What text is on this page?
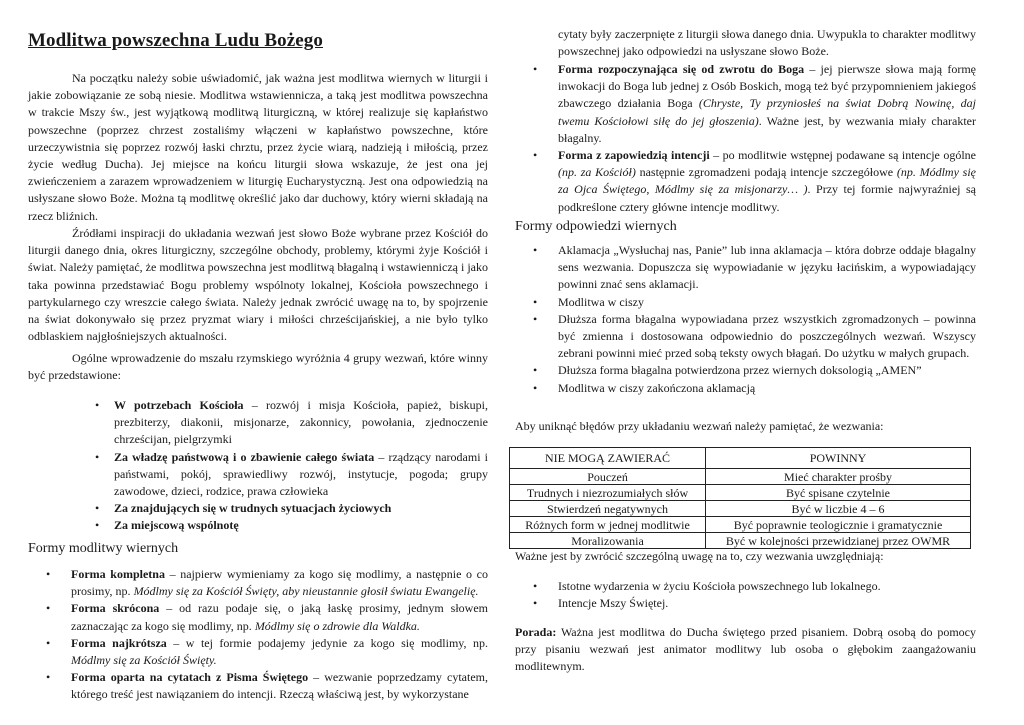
Modlitwa powszechna Ludu Bożego

Na początku należy sobie uświadomić, jak ważna jest modlitwa wiernych w liturgii i jakie zobowiązanie ze sobą niesie. Modlitwa wstawiennicza, a taką jest modlitwa powszechna w trakcie Mszy św., jest wyjątkową modlitwą liturgiczną, w której realizuje się kapłaństwo powszechne (poprzez chrzest zostaliśmy włączeni w kapłaństwo powszechne, które urzeczywistnia się poprzez rozwój łaski chrztu, przez życie wiarą, nadzieją i miłością, przez życie według Ducha). Jej miejsce na końcu liturgii słowa wskazuje, że jest ona jej zwieńczeniem a zarazem wprowadzeniem w liturgię Eucharystyczną. Jest ona odpowiedzią na usłyszane słowo Boże. Można tą modlitwę określić jako dar duchowy, który wierni składają na rzecz bliźnich.

Źródłami inspiracji do układania wezwań jest słowo Boże wybrane przez Kościół do liturgii danego dnia, okres liturgiczny, szczególne obchody, problemy, którymi żyje Kościół i świat. Należy pamiętać, że modlitwa powszechna jest modlitwą błagalną i wstawienniczą i jako taka powinna przedstawiać Bogu problemy wspólnoty lokalnej, Kościoła powszechnego i partykularnego czy wreszcie całego świata. Należy jednak zwrócić uwagę na to, by spojrzenie na świat dokonywało się przez pryzmat wiary i miłości chrześcijańskiej, a nie było tylko odblaskiem najgłośniejszych aktualności.

Ogólne wprowadzenie do mszału rzymskiego wyróżnia 4 grupy wezwań, które winny być przedstawione:

• W potrzebach Kościoła – rozwój i misja Kościoła, papież, biskupi, prezbiterzy, diakonii, misjonarze, zakonnicy, powołania, zjednoczenie chrześcijan, pielgrzymki
• Za władzę państwową i o zbawienie całego świata – rządzący narodami i państwami, pokój, sprawiedliwy rozwój, instytucje, pogoda; grupy zawodowe, dzieci, rodzice, prawa człowieka
• Za znajdujących się w trudnych sytuacjach życiowych
• Za miejscową wspólnotę
Formy modlitwy wiernych
• Forma kompletna – najpierw wymieniamy za kogo się modlimy, a następnie o co prosimy, np. Módlmy się za Kościół Święty, aby nieustannie głosił światu Ewangelię.
• Forma skrócona – od razu podaje się, o jaką łaskę prosimy, jednym słowem zaznaczając za kogo się modlimy, np. Módlmy się o zdrowie dla Waldka.
• Forma najkrótsza – w tej formie podajemy jedynie za kogo się modlimy, np. Módlmy się za Kościół Święty.
• Forma oparta na cytatach z Pisma Świętego – wezwanie poprzedzamy cytatem, którego treść jest nawiązaniem do intencji. Rzeczą właściwą jest, by wykorzystane

cytaty były zaczerpnięte z liturgii słowa danego dnia. Uwypukla to charakter modlitwy powszechnej jako odpowiedzi na usłyszane słowo Boże.

• Forma rozpoczynająca się od zwrotu do Boga – jej pierwsze słowa mają formę inwokacji do Boga lub jednej z Osób Boskich, mogą też być przypomnieniem jakiegoś zbawczego działania Boga (Chryste, Ty przyniosłeś na świat Dobrą Nowinę, daj twemu Kościołowi siłę do jej głoszenia). Ważne jest, by wezwania miały charakter błagalny.
• Forma z zapowiedzią intencji – po modlitwie wstępnej podawane są intencje ogólne (np. za Kościół) następnie zgromadzeni podają intencje szczegółowe (np. Módlmy się za Ojca Świętego, Módlmy się za misjonarzy… ). Przy tej formie najwyraźniej są podkreślone cztery główne intencje modlitwy.
Formy odpowiedzi wiernych
• Aklamacja „Wysłuchaj nas, Panie” lub inna aklamacja – która dobrze oddaje błagalny sens wezwania. Dopuszcza się wypowiadanie w języku łacińskim, a wypowiadający powinni znać sens aklamacji.
• Modlitwa w ciszy
• Dłuższa forma błagalna wypowiadana przez wszystkich zgromadzonych – powinna być zmienna i dostosowana odpowiednio do poszczególnych wezwań. Wszyscy zebrani powinni mieć przed sobą teksty owych błagań. Do użytku w małych grupach.
• Dłuższa forma błagalna potwierdzona przez wiernych doksologią „AMEN”
• Modlitwa w ciszy zakończona aklamacją

Aby uniknąć błędów przy układaniu wezwań należy pamiętać, że wezwania:

NIE MOGĄ ZAWIERAĆ	POWINNY
Pouczeń	Mieć charakter prośby
Trudnych i niezrozumiałych słów	Być spisane czytelnie
Stwierdzeń negatywnych	Być w liczbie 4 – 6
Różnych form w jednej modlitwie	Być poprawnie teologicznie i gramatycznie
Moralizowania	Być w kolejności przewidzianej przez OWMR

Ważne jest by zwrócić szczególną uwagę na to, czy wezwania uwzględniają:

• Istotne wydarzenia w życiu Kościoła powszechnego lub lokalnego.
• Intencje Mszy Świętej.

Porada: Ważna jest modlitwa do Ducha świętego przed pisaniem. Dobrą osobą do pomocy przy pisaniu wezwań jest animator modlitwy lub osoba o głębokim zaangażowaniu modlitewnym.
